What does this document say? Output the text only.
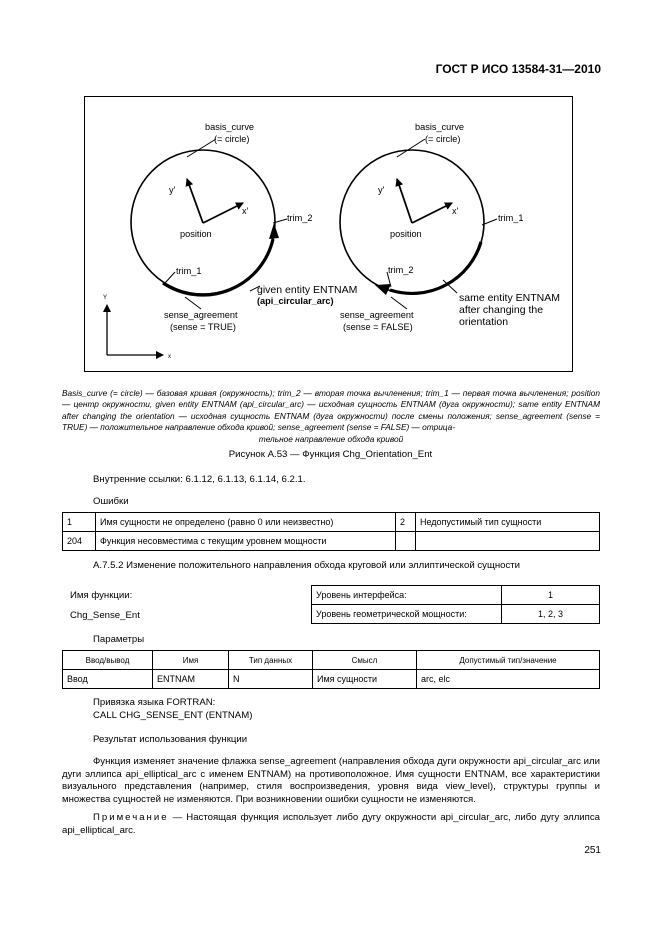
ГОСТ Р ИСО 13584-31—2010
basis_curve
(= circle)
y'
x'
position
trim_2
trim_1
given entity ENTNAM
(api_circular_arc)
sense_agreement
(sense = TRUE)
basis_curve
(= circle)
y'
x'
position
trim_1
trim_2
same entity ENTNAM
after changing the
orientation
sense_agreement
(sense = FALSE)
Y
x
Basis_curve (= circle) — базовая кривая (окружность); trim_2 — вторая точка вычленения; trim_1 — первая точка вычленения; position — центр окружности, given entity ENTNAM (api_circular_arc) — исходная сущность ENTNAM (дуга окружности); same entity ENTNAM after changing the orientation — исходная сущность ENTNAM (дуга окружности) после смены положения; sense_agreement (sense = TRUE) — положительное направление обхода кривой; sense_agreement (sense = FALSE) — отрица-
тельное направление обхода кривой
Рисунок А.53 — Функция Chg_Orientation_Ent
Внутренние ссылки: 6.1.12, 6.1.13, 6.1.14, 6.2.1.
Ошибки
1	Имя сущности не определено (равно 0 или неизвестно)	2	Недопустимый тип сущности
204	Функция несовместима с текущим уровнем мощности		
А.7.5.2 Изменение положительного направления обхода круговой или эллиптической сущности
Имя функции:
Chg_Sense_Ent
Уровень интерфейса:	1
Уровень геометрической мощности:	1, 2, 3
Параметры
Ввод/вывод	Имя	Тип данных	Смысл	Допустимый тип/значение
Ввод	ENTNAM	N	Имя сущности	arc, elc
Привязка языка FORTRAN:
CALL CHG_SENSE_ENT (ENTNAM)
Результат использования функции
Функция изменяет значение флажка sense_agreement (направления обхода дуги окружности api_circular_arc или дуги эллипса api_elliptical_arc с именем ENTNAM) на противоположное. Имя сущности ENTNAM, все характеристики визуального представления (например, стиля воспроизведения, уровня вида view_level), структуры группы и множества сущностей не изменяются. При возникновении ошибки сущности не изменяются.
Примечание — Настоящая функция использует либо дугу окружности api_circular_arc, либо дугу эллипса api_elliptical_arc.
251
